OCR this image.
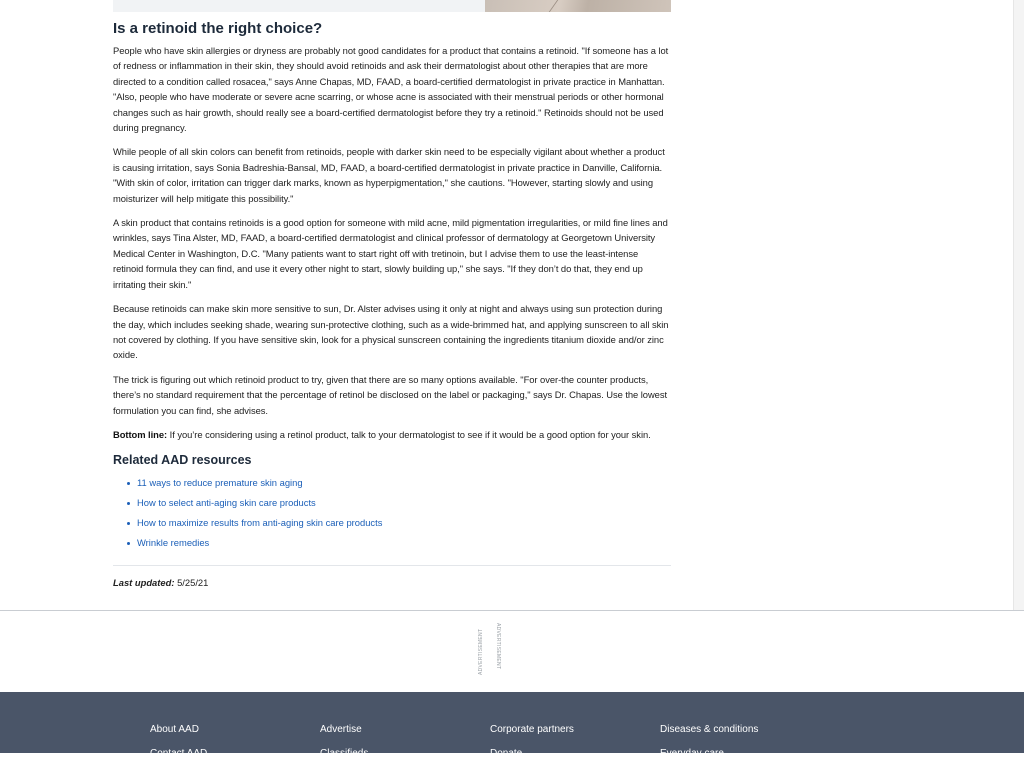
Is a retinoid the right choice?

People who have skin allergies or dryness are probably not good candidates for a product that contains a retinoid. "If someone has a lot of redness or inflammation in their skin, they should avoid retinoids and ask their dermatologist about other therapies that are more directed to a condition called rosacea," says Anne Chapas, MD, FAAD, a board-certified dermatologist in private practice in Manhattan. "Also, people who have moderate or severe acne scarring, or whose acne is associated with their menstrual periods or other hormonal changes such as hair growth, should really see a board-certified dermatologist before they try a retinoid." Retinoids should not be used during pregnancy.

While people of all skin colors can benefit from retinoids, people with darker skin need to be especially vigilant about whether a product is causing irritation, says Sonia Badreshia-Bansal, MD, FAAD, a board-certified dermatologist in private practice in Danville, California. "With skin of color, irritation can trigger dark marks, known as hyperpigmentation," she cautions. "However, starting slowly and using moisturizer will help mitigate this possibility."

A skin product that contains retinoids is a good option for someone with mild acne, mild pigmentation irregularities, or mild fine lines and wrinkles, says Tina Alster, MD, FAAD, a board-certified dermatologist and clinical professor of dermatology at Georgetown University Medical Center in Washington, D.C. "Many patients want to start right off with tretinoin, but I advise them to use the least-intense retinoid formula they can find, and use it every other night to start, slowly building up," she says. "If they don’t do that, they end up irritating their skin."

Because retinoids can make skin more sensitive to sun, Dr. Alster advises using it only at night and always using sun protection during the day, which includes seeking shade, wearing sun-protective clothing, such as a wide-brimmed hat, and applying sunscreen to all skin not covered by clothing. If you have sensitive skin, look for a physical sunscreen containing the ingredients titanium dioxide and/or zinc oxide.

The trick is figuring out which retinoid product to try, given that there are so many options available. "For over-the counter products, there’s no standard requirement that the percentage of retinol be disclosed on the label or packaging," says Dr. Chapas. Use the lowest formulation you can find, she advises.

Bottom line: If you’re considering using a retinol product, talk to your dermatologist to see if it would be a good option for your skin.

Related AAD resources
11 ways to reduce premature skin aging
How to select anti-aging skin care products
How to maximize results from anti-aging skin care products
Wrinkle remedies
Last updated: 5/25/21
ADVERTISEMENT ADVERTISEMENT
About AAD
Contact AAD
Advertise
Classifieds
Corporate partners
Donate
Diseases & conditions
Everyday care
